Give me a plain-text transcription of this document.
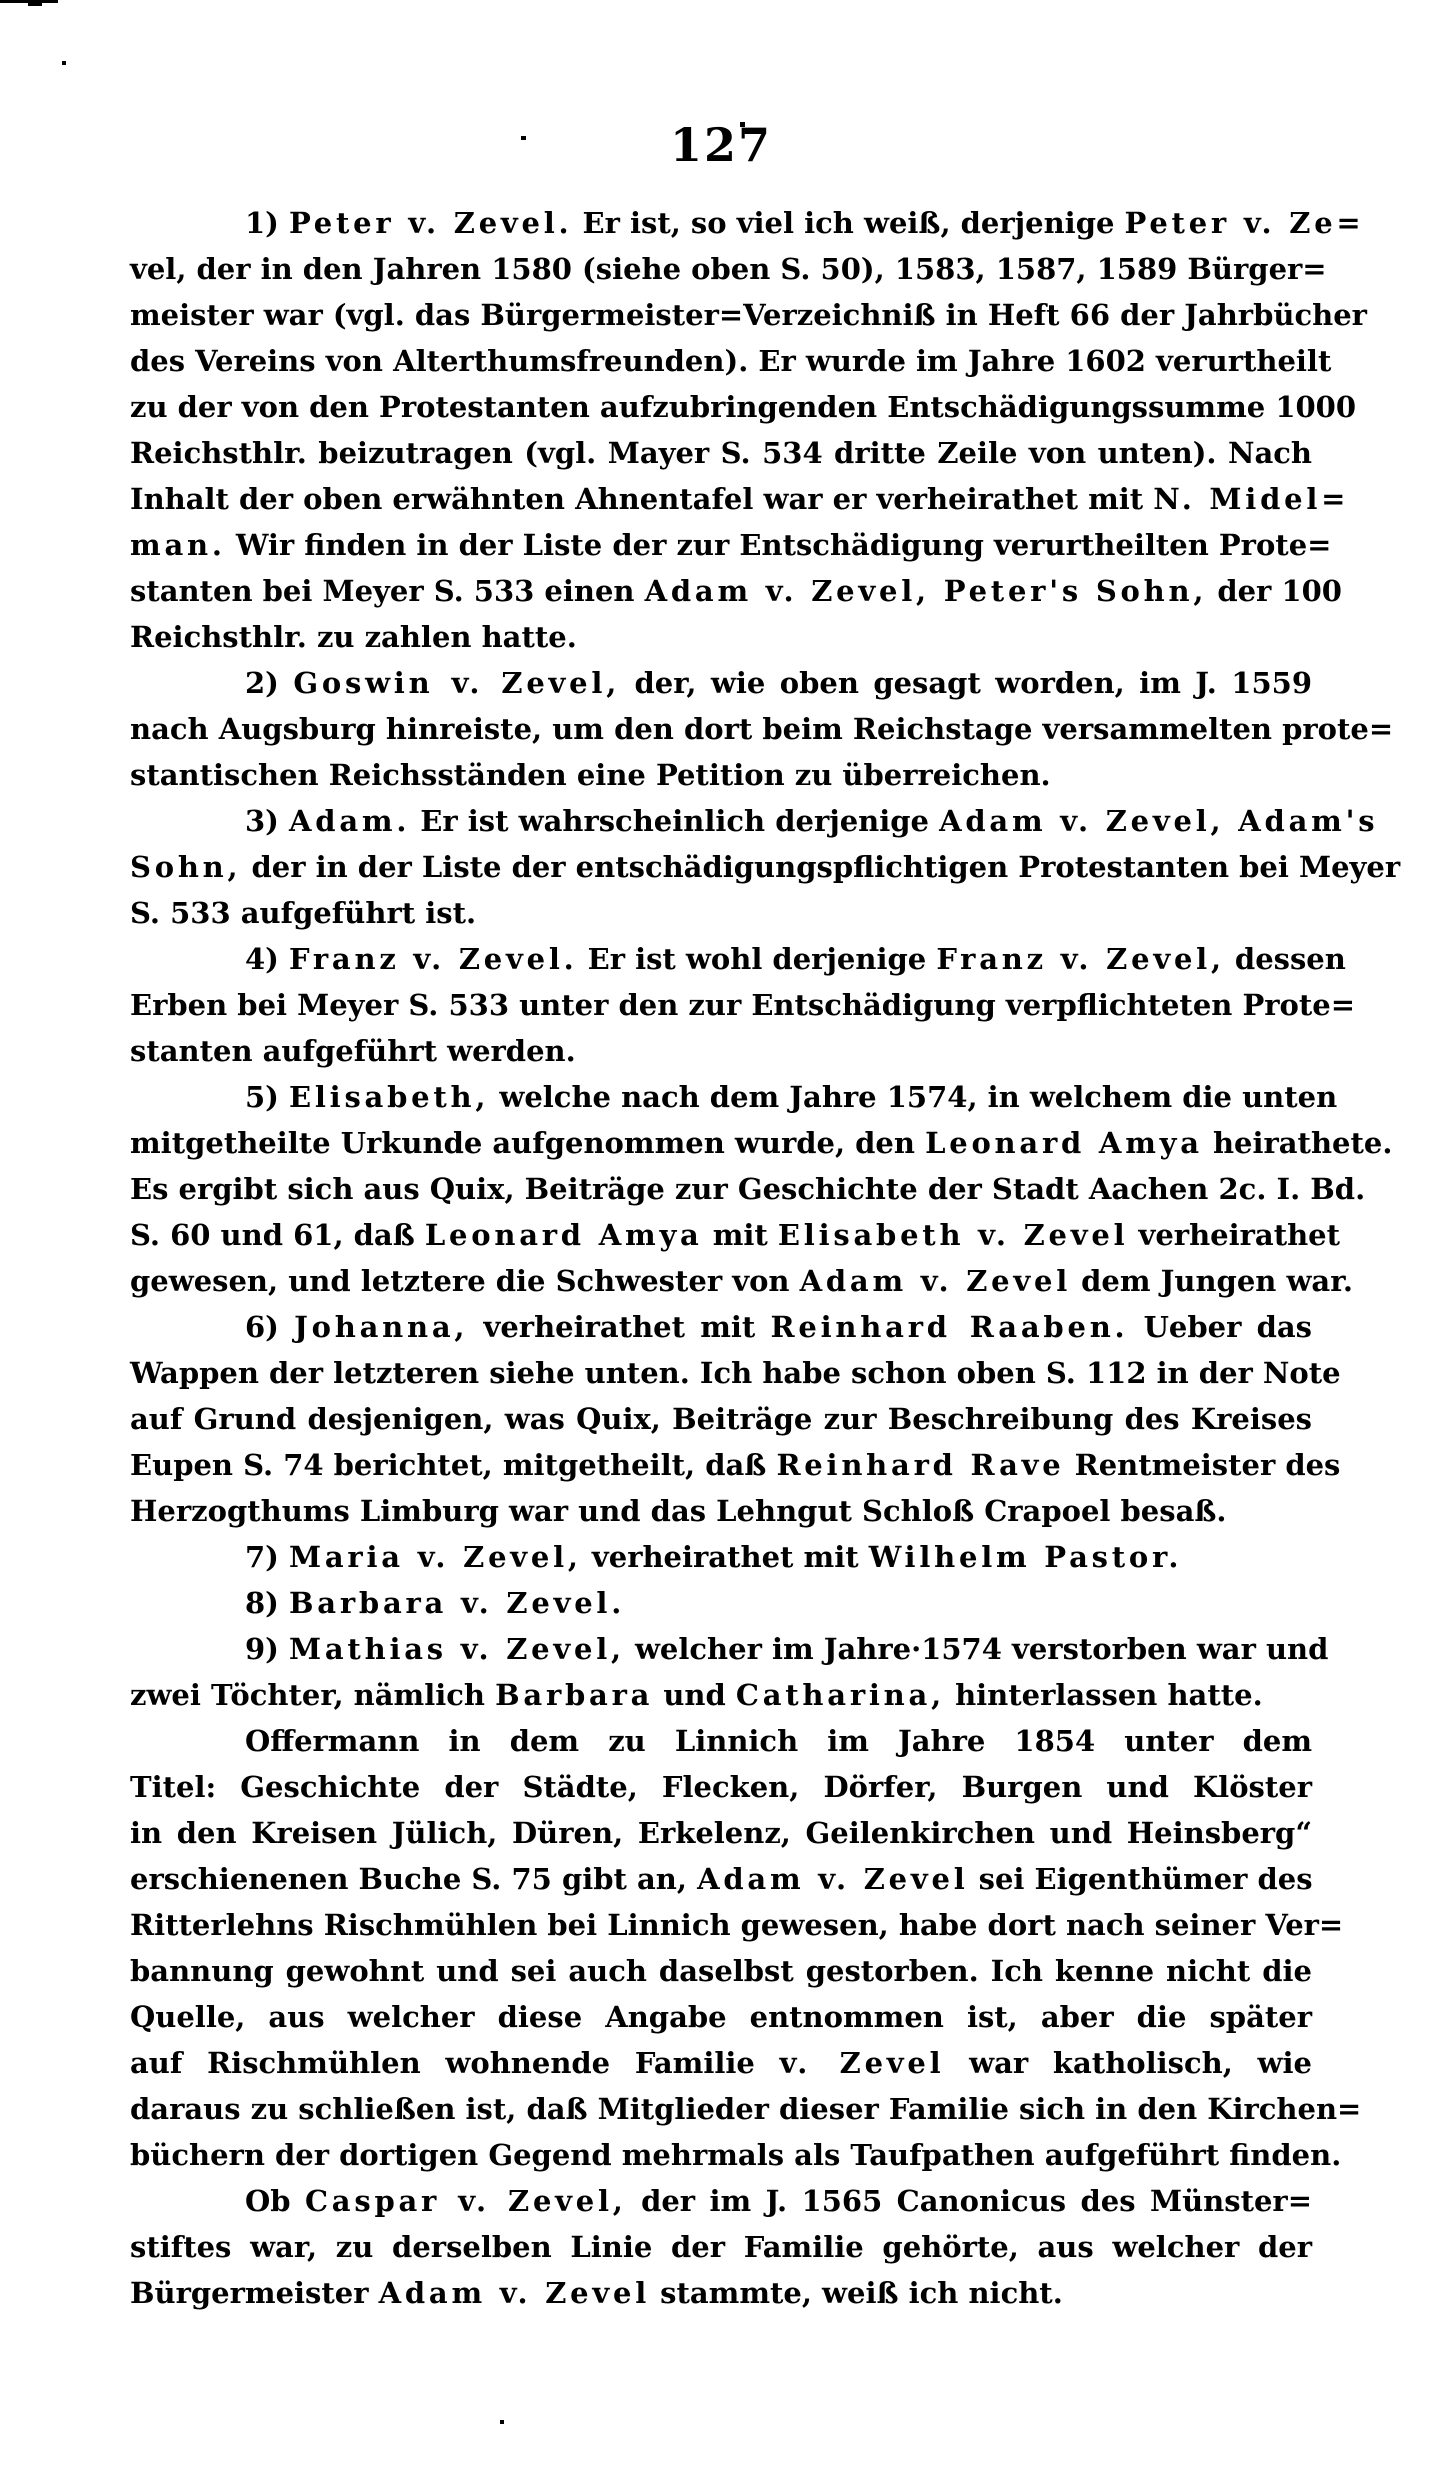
127
1) Peter v. Zevel. Er ist, so viel ich weiß, derjenige Peter v. Ze=
vel, der in den Jahren 1580 (siehe oben S. 50), 1583, 1587, 1589 Bürger=
meister war (vgl. das Bürgermeister=Verzeichniß in Heft 66 der Jahrbücher
des Vereins von Alterthumsfreunden). Er wurde im Jahre 1602 verurtheilt
zu der von den Protestanten aufzubringenden Entschädigungssumme 1000
Reichsthlr. beizutragen (vgl. Mayer S. 534 dritte Zeile von unten). Nach
Inhalt der oben erwähnten Ahnentafel war er verheirathet mit N. Midel=
man. Wir finden in der Liste der zur Entschädigung verurtheilten Prote=
stanten bei Meyer S. 533 einen Adam v. Zevel, Peter's Sohn, der 100
Reichsthlr. zu zahlen hatte.
2) Goswin v. Zevel, der, wie oben gesagt worden, im J. 1559
nach Augsburg hinreiste, um den dort beim Reichstage versammelten prote=
stantischen Reichsständen eine Petition zu überreichen.
3) Adam. Er ist wahrscheinlich derjenige Adam v. Zevel, Adam's
Sohn, der in der Liste der entschädigungspflichtigen Protestanten bei Meyer
S. 533 aufgeführt ist.
4) Franz v. Zevel. Er ist wohl derjenige Franz v. Zevel, dessen
Erben bei Meyer S. 533 unter den zur Entschädigung verpflichteten Prote=
stanten aufgeführt werden.
5) Elisabeth, welche nach dem Jahre 1574, in welchem die unten
mitgetheilte Urkunde aufgenommen wurde, den Leonard Amya heirathete.
Es ergibt sich aus Quix, Beiträge zur Geschichte der Stadt Aachen 2c. I. Bd.
S. 60 und 61, daß Leonard Amya mit Elisabeth v. Zevel verheirathet
gewesen, und letztere die Schwester von Adam v. Zevel dem Jungen war.
6) Johanna, verheirathet mit Reinhard Raaben. Ueber das
Wappen der letzteren siehe unten. Ich habe schon oben S. 112 in der Note
auf Grund desjenigen, was Quix, Beiträge zur Beschreibung des Kreises
Eupen S. 74 berichtet, mitgetheilt, daß Reinhard Rave Rentmeister des
Herzogthums Limburg war und das Lehngut Schloß Crapoel besaß.
7) Maria v. Zevel, verheirathet mit Wilhelm Pastor.
8) Barbara v. Zevel.
9) Mathias v. Zevel, welcher im Jahre·1574 verstorben war und
zwei Töchter, nämlich Barbara und Catharina, hinterlassen hatte.
Offermann in dem zu Linnich im Jahre 1854 unter dem
Titel: Geschichte der Städte, Flecken, Dörfer, Burgen und Klöster
in den Kreisen Jülich, Düren, Erkelenz, Geilenkirchen und Heinsberg“
erschienenen Buche S. 75 gibt an, Adam v. Zevel sei Eigenthümer des
Ritterlehns Rischmühlen bei Linnich gewesen, habe dort nach seiner Ver=
bannung gewohnt und sei auch daselbst gestorben. Ich kenne nicht die
Quelle, aus welcher diese Angabe entnommen ist, aber die später
auf Rischmühlen wohnende Familie v. Zevel war katholisch, wie
daraus zu schließen ist, daß Mitglieder dieser Familie sich in den Kirchen=
büchern der dortigen Gegend mehrmals als Taufpathen aufgeführt finden.
Ob Caspar v. Zevel, der im J. 1565 Canonicus des Münster=
stiftes war, zu derselben Linie der Familie gehörte, aus welcher der
Bürgermeister Adam v. Zevel stammte, weiß ich nicht.
